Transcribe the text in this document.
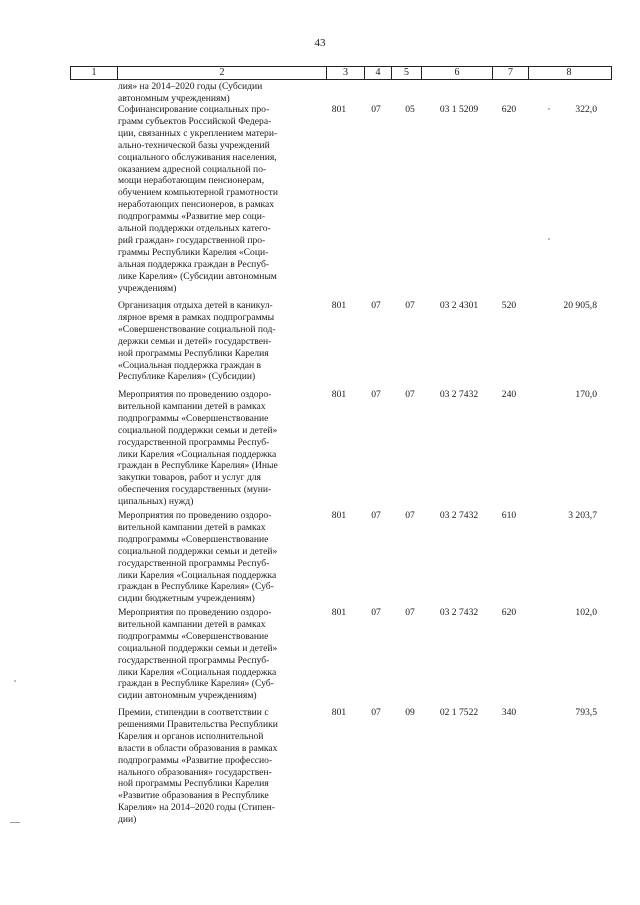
43
1	2	3	4	5	6	7	8
лия» на 2014–2020 годы (Субсидии
автономным учреждениям)
Софинансирование социальных про-
грамм субъектов Российской Федера-
ции, связанных с укреплением матери-
ально-технической базы учреждений
социального обслуживания населения,
оказанием адресной социальной по-
мощи неработающим пенсионерам,
обучением компьютерной грамотности
неработающих пенсионеров, в рамках
подпрограммы «Развитие мер соци-
альной поддержки отдельных катего-
рий граждан» государственной про-
граммы Республики Карелия «Соци-
альная поддержка граждан в Респуб-
лике Карелия» (Субсидии автономным
учреждениям)
801	07	05	03 1 5209	620	322,0
Организация отдыха детей в каникул-
лярное время в рамках подпрограммы
«Совершенствование социальной под-
держки семьи и детей» государствен-
ной программы Республики Карелия
«Социальная поддержка граждан в
Республике Карелия» (Субсидии)
801	07	07	03 2 4301	520	20 905,8
Мероприятия по проведению оздоро-
вительной кампании детей в рамках
подпрограммы «Совершенствование
социальной поддержки семьи и детей»
государственной программы Респуб-
лики Карелия «Социальная поддержка
граждан в Республике Карелия» (Иные
закупки товаров, работ и услуг для
обеспечения государственных (муни-
ципальных) нужд)
801	07	07	03 2 7432	240	170,0
Мероприятия по проведению оздоро-
вительной кампании детей в рамках
подпрограммы «Совершенствование
социальной поддержки семьи и детей»
государственной программы Респуб-
лики Карелия «Социальная поддержка
граждан в Республике Карелия» (Суб-
сидии бюджетным учреждениям)
801	07	07	03 2 7432	610	3 203,7
Мероприятия по проведению оздоро-
вительной кампании детей в рамках
подпрограммы «Совершенствование
социальной поддержки семьи и детей»
государственной программы Респуб-
лики Карелия «Социальная поддержка
граждан в Республике Карелия» (Суб-
сидии автономным учреждениям)
801	07	07	03 2 7432	620	102,0
Премии, стипендии в соответствии с
решениями Правительства Республики
Карелия и органов исполнительной
власти в области образования в рамках
подпрограммы «Развитие профессио-
нального образования» государствен-
ной программы Республики Карелия
«Развитие образования в Республике
Карелия» на 2014–2020 годы (Стипен-
дии)
801	07	09	02 1 7522	340	793,5
